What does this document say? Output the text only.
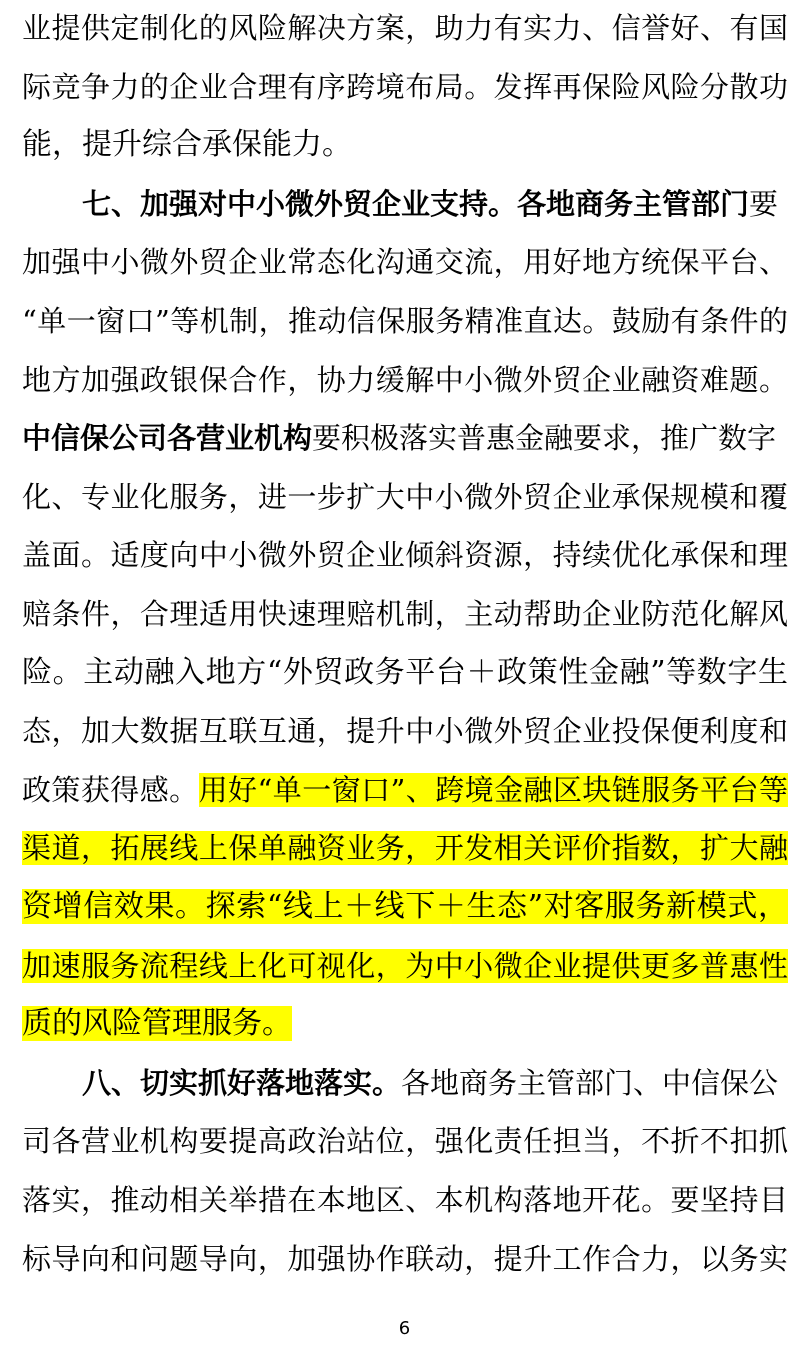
业提供定制化的风险解决方案，助力有实力、信誉好、有国
际竞争力的企业合理有序跨境布局。发挥再保险风险分散功
能，提升综合承保能力。
七、加强对中小微外贸企业支持。各地商务主管部门要
加强中小微外贸企业常态化沟通交流，用好地方统保平台、
“单一窗口”等机制，推动信保服务精准直达。鼓励有条件的
地方加强政银保合作，协力缓解中小微外贸企业融资难题。
中信保公司各营业机构要积极落实普惠金融要求，推广数字
化、专业化服务，进一步扩大中小微外贸企业承保规模和覆
盖面。适度向中小微外贸企业倾斜资源，持续优化承保和理
赔条件，合理适用快速理赔机制，主动帮助企业防范化解风
险。主动融入地方“外贸政务平台＋政策性金融”等数字生
态，加大数据互联互通，提升中小微外贸企业投保便利度和
政策获得感。用好“单一窗口”、跨境金融区块链服务平台等
渠道，拓展线上保单融资业务，开发相关评价指数，扩大融
资增信效果。探索“线上＋线下＋生态”对客服务新模式，
加速服务流程线上化可视化，为中小微企业提供更多普惠性
质的风险管理服务。
八、切实抓好落地落实。各地商务主管部门、中信保公
司各营业机构要提高政治站位，强化责任担当，不折不扣抓
落实，推动相关举措在本地区、本机构落地开花。要坚持目
标导向和问题导向，加强协作联动，提升工作合力，以务实
6
